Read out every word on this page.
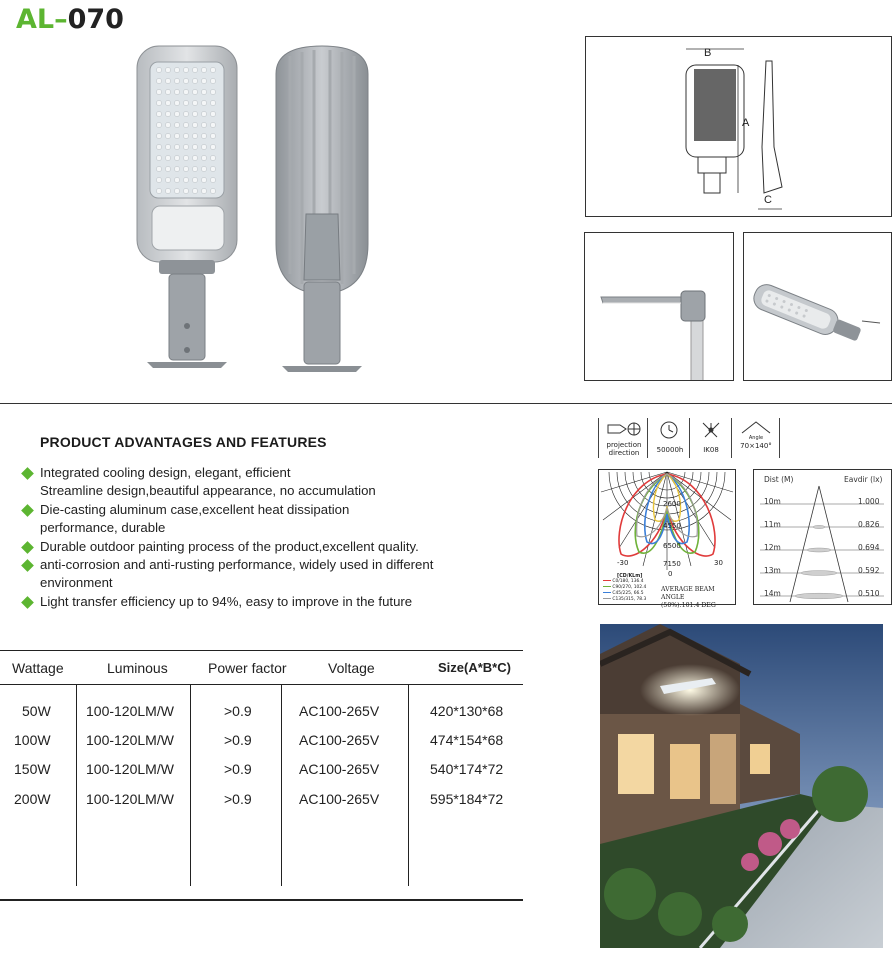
AL–070
B
A
C
PRODUCT ADVANTAGES AND FEATURES
Integrated cooling design, elegant, efficient
Streamline design,beautiful appearance, no accumulation
Die-casting aluminum case,excellent heat dissipation
performance, durable
Durable outdoor painting process of the product,excellent quality.
anti-corrosion and anti-rusting performance, widely used in different
environment
Light transfer efficiency up to 94%, easy to improve in the future
Wattage	Luminous	Power factor	Voltage	Size(A*B*C)
50W	100-120LM/W	>0.9	AC100-265V	420*130*68
100W	100-120LM/W	>0.9	AC100-265V	474*154*68
150W	100-120LM/W	>0.9	AC100-265V	540*174*72
200W	100-120LM/W	>0.9	AC100-265V	595*184*72
projection
direction	50000h	IK08
Angle
70×140°
2600
4550
6500
7150
-30
0
30
[CD/KLm]
C0/180, 136.4
C90/270, 102.4
C45/225, 66.5
C135/315, 78.3
AVERAGE BEAM ANGLE
(50%):101.4 DEG
Dist (M)	Eavdir (lx)
10m	1.000
11m	0.826
12m	0.694
13m	0.592
14m	0.510
